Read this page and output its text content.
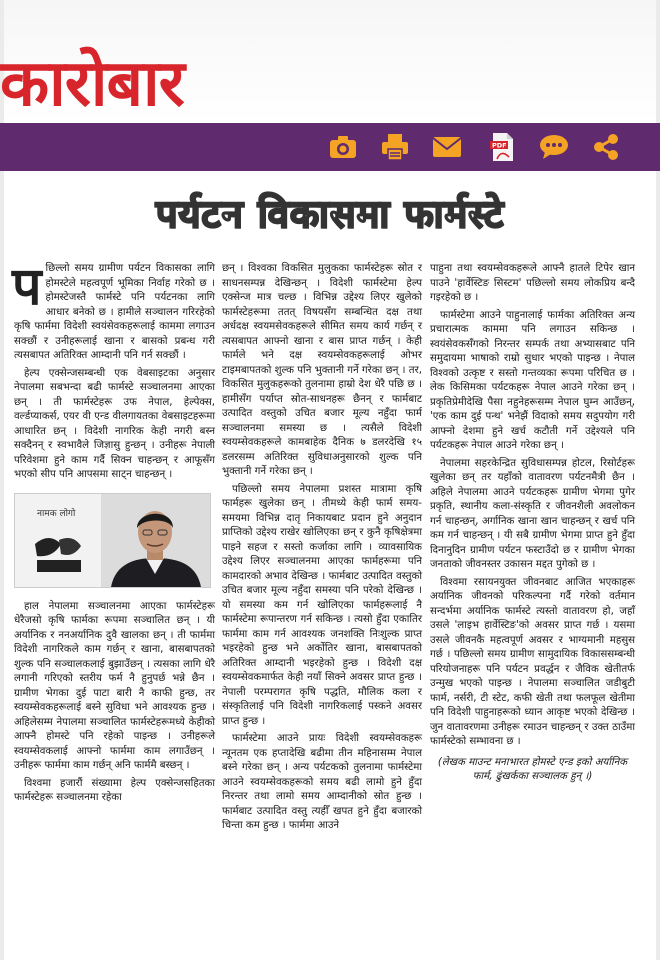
कारोबार
PDF
पर्यटन विकासमा फार्मस्टे

पछिल्लो समय ग्रामीण पर्यटन विकासका लागि होमस्टेले महत्वपूर्ण भूमिका निर्वाह गरेको छ । होमस्टेजस्तै फार्मस्टे पनि पर्यटनका लागि आधार बनेको छ । हामीले सञ्चालन गरिरहेको कृषि फार्ममा विदेशी स्वयंसेवकहरूलाई काममा लगाउन सक्छौं र उनीहरूलाई खाना र बासको प्रबन्ध गरी त्यसबापत अतिरिक्त आम्दानी पनि गर्न सक्छौं ।

हेल्प एक्सेन्जसम्बन्धी एक वेबसाइटका अनुसार नेपालमा सबभन्दा बढी फार्मस्टे सञ्चालनमा आएका छन् । ती फार्मस्टेहरू उफ नेपाल, हेल्पेक्स, वर्ल्डप्याकर्स, एयर वी एन्ड वीलगायतका वेबसाइटहरूमा आधारित छन् । विदेशी नागरिक केही नगरी बस्न सक्दैनन् र स्वभावैले जिज्ञासु हुन्छन् । उनीहरू नेपाली परिवेशमा हुने काम गर्दै सिक्न चाहन्छन् र आफूसँग भएको सीप पनि आपसमा साट्न चाहन्छन् ।

नामक लोगो

हाल नेपालमा सञ्चालनमा आएका फार्मस्टेहरू धेरैजसो कृषि फार्मका रूपमा सञ्चालित छन् । यी अर्यानिक र ननअर्यानिक दुवै खालका छन् । ती फार्ममा विदेशी नागरिकले काम गर्छन् र खाना, बासबापतको शुल्क पनि सञ्चालकलाई बुझाउँछन् । त्यसका लागि धेरै लगानी गरिएको स्तरीय फर्म नै हुनुपर्छ भन्ने छैन । ग्रामीण भेगका दुई पाटा बारी नै काफी हुन्छ, तर स्वयम्सेवकहरूलाई बस्ने सुविधा भने आवश्यक हुन्छ । अहिलेसम्म नेपालमा सञ्चालित फार्मस्टेहरूमध्ये केहीको आफ्नै होमस्टे पनि रहेको पाइन्छ । उनीहरूले स्वयम्सेवकलाई आफ्नो फार्ममा काम लगाउँछन् । उनीहरू फार्ममा काम गर्छन् अनि फार्ममै बस्छन् ।

विश्वमा हजारौं संख्यामा हेल्प एक्सेन्जसहितका फार्मस्टेहरू सञ्चालनमा रहेका

छन् । विश्वका विकसित मुलुकका फार्मस्टेहरू स्रोत र साधनसम्पन्न देखिन्छन् । विदेशी फार्मस्टेमा हेल्प एक्सेन्ज मात्र चल्छ । विभिन्न उद्देश्य लिएर खुलेको फार्मस्टेहरूमा ततत् विषयसँग सम्बन्धित दक्ष तथा अर्धदक्ष स्वयमसेवकहरूले सीमित समय कार्य गर्छन् र त्यसबापत आफ्नो खाना र बास प्राप्त गर्छन् । केही फार्मले भने दक्ष स्वयम्सेवकहरूलाई ओभर टाइमबापतको शुल्क पनि भुक्तानी गर्ने गरेका छन् । तर, विकसित मुलुकहरूको तुलनामा हाम्रो देश धेरै पछि छ । हामीसँग पर्याप्त स्रोत-साधनहरू छैनन् र फार्मबाट उत्पादित वस्तुको उचित बजार मूल्य नहुँदा फार्म सञ्चालनमा समस्या छ । त्यसैले विदेशी स्वयम्सेवकहरूले कामबाहेक दैनिक ७ डलरदेखि १५ डलरसम्म अतिरिक्त सुविधाअनुसारको शुल्क पनि भुक्तानी गर्ने गरेका छन् ।

पछिल्लो समय नेपालमा प्रशस्त मात्रामा कृषि फार्महरू खुलेका छन् । तीमध्ये केही फार्म समय-समयमा विभिन्न दातृ निकायबाट प्रदान हुने अनुदान प्राप्तिको उद्देश्य राखेर खोलिएका छन् र कुनै कृषिक्षेत्रमा पाइने सहज र सस्तो कर्जाका लागि । व्यावसायिक उद्देश्य लिएर सञ्चालनमा आएका फार्महरूमा पनि कामदारको अभाव देखिन्छ । फार्मबाट उत्पादित वस्तुको उचित बजार मूल्य नहुँदा समस्या पनि परेको देखिन्छ । यो समस्या कम गर्न खोलिएका फार्महरूलाई नै फार्मस्टेमा रूपान्तरण गर्न सकिन्छ । त्यसो हुँदा एकातिर फार्ममा काम गर्न आवश्यक जनशक्ति निःशुल्क प्राप्त भइरहेको हुन्छ भने अर्कोतिर खाना, बासबापतको अतिरिक्त आम्दानी भइरहेको हुन्छ । विदेशी दक्ष स्वयम्सेवकमार्फत केही नयाँ सिक्ने अवसर प्राप्त हुन्छ । नेपाली परम्परागत कृषि पद्धति, मौलिक कला र संस्कृतिलाई पनि विदेशी नागरिकलाई पस्कने अवसर प्राप्त हुन्छ ।

फार्मस्टेमा आउने प्रायः विदेशी स्वयम्सेवकहरू न्यूनतम एक हप्तादेखि बढीमा तीन महिनासम्म नेपाल बस्ने गरेका छन् । अन्य पर्यटकको तुलनामा फार्मस्टेमा आउने स्वयम्सेवकहरूको समय बढी लामो हुने हुँदा निरन्तर तथा लामो समय आम्दानीको स्रोत हुन्छ । फार्मबाट उत्पादित वस्तु त्यहीँ खपत हुने हुँदा बजारको चिन्ता कम हुन्छ । फार्ममा आउने

पाहुना तथा स्वयम्सेवकहरूले आफ्नै हातले टिपेर खान पाउने 'हार्वेस्टिङ सिस्टम' पछिल्लो समय लोकप्रिय बन्दै गइरहेको छ ।

फार्मस्टेमा आउने पाहुनालाई फार्मका अतिरिक्त अन्य प्रचारात्मक काममा पनि लगाउन सकिन्छ । स्वयंसेवकसँगको निरन्तर सम्पर्क तथा अभ्यासबाट पनि समुदायमा भाषाको राम्रो सुधार भएको पाइन्छ । नेपाल विश्वको उत्कृष्ट र सस्तो गन्तव्यका रूपमा परिचित छ । लेक किसिमका पर्यटकहरू नेपाल आउने गरेका छन् । प्रकृतिप्रेमीदेखि पैसा नहुनेहरूसम्म नेपाल घुम्न आउँछन्, 'एक काम दुई पन्थ' भनेझैं विदाको समय सदुपयोग गरी आफ्नो देशमा हुने खर्च कटौती गर्ने उद्देश्यले पनि पर्यटकहरू नेपाल आउने गरेका छन् ।

नेपालमा सहरकेन्द्रित सुविधासम्पन्न होटल, रिसोर्टहरू खुलेका छन् तर यहाँको वातावरण पर्यटनमैत्री छैन । अहिले नेपालमा आउने पर्यटकहरू ग्रामीण भेगमा पुगेर प्रकृति, स्थानीय कला-संस्कृति र जीवनशैली अवलोकन गर्न चाहन्छन्, अर्गानिक खाना खान चाहन्छन् र खर्च पनि कम गर्न चाहन्छन् । यी सबै ग्रामीण भेगमा प्राप्त हुने हुँदा दिनानुदिन ग्रामीण पर्यटन फस्टाउँदो छ र ग्रामीण भेगका जनताको जीवनस्तर उकासन मद्दत पुगेको छ ।

विश्वमा रसायनयुक्त जीवनबाट आजित भएकाहरू अर्यानिक जीवनको परिकल्पना गर्दै गरेको वर्तमान सन्दर्भमा अर्यानिक फार्मस्टे त्यस्तो वातावरण हो, जहाँ उसले 'लाइभ हार्वेस्टिङ'को अवसर प्राप्त गर्छ । यसमा उसले जीवनकै महत्वपूर्ण अवसर र भाग्यमानी महसुस गर्छ । पछिल्लो समय ग्रामीण सामुदायिक विकाससम्बन्धी परियोजनाहरू पनि पर्यटन प्रवर्द्धन र जैविक खेतीतर्फ उन्मुख भएको पाइन्छ । नेपालमा सञ्चालित जडीबुटी फार्म, नर्सरी, टी स्टेट, कफी खेती तथा फलफूल खेतीमा पनि विदेशी पाहुनाहरूको ध्यान आकृष्ट भएको देखिन्छ । जुन वातावरणमा उनीहरू रमाउन चाहन्छन् र उक्त ठाउँमा फार्मस्टेको सम्भावना छ ।

(लेखक माउन्ट मनाभारत होमस्टे एन्ड इको अर्यानिक फार्म, ढुंखर्कका सञ्चालक हुन् ।)
